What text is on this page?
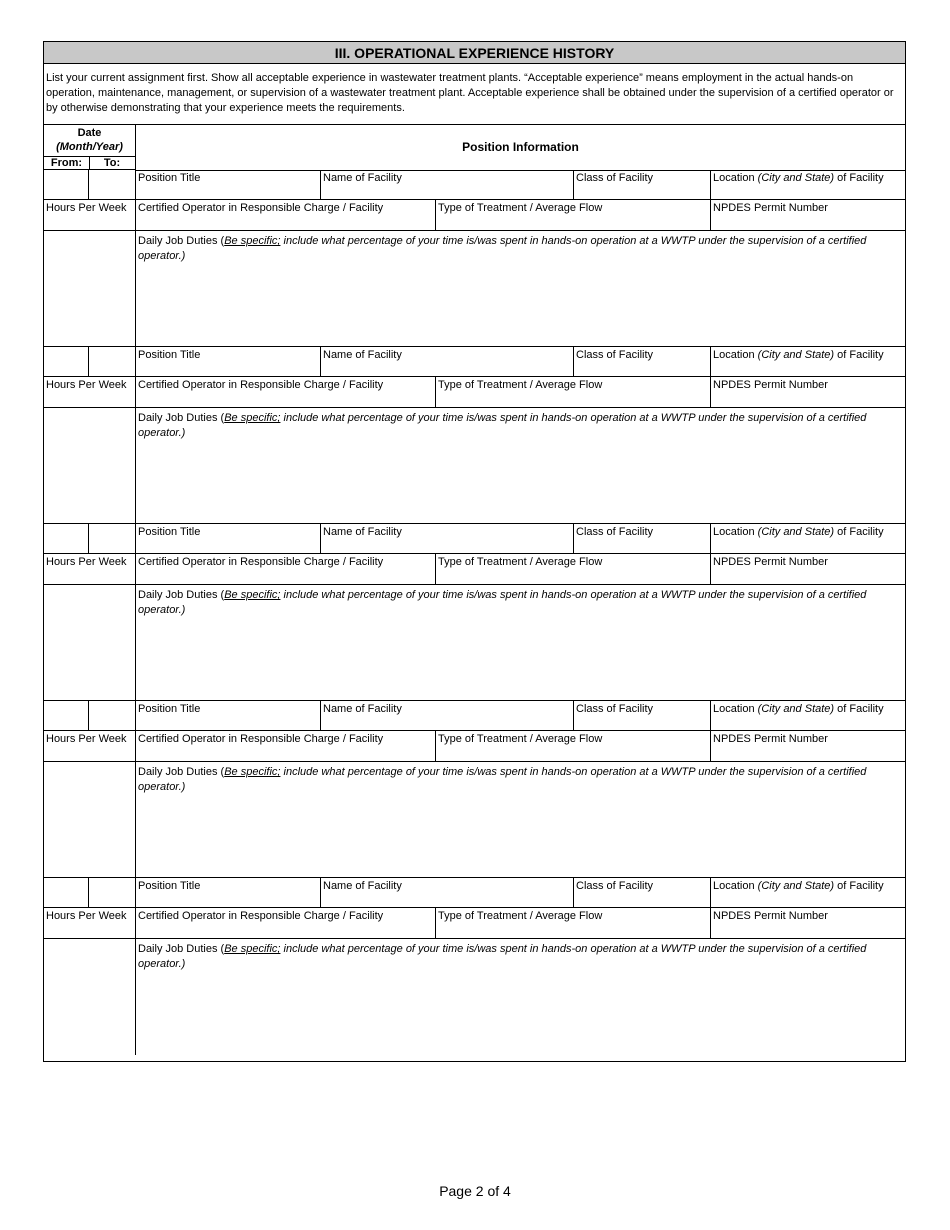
III. OPERATIONAL EXPERIENCE HISTORY
List your current assignment first. Show all acceptable experience in wastewater treatment plants. “Acceptable experience” means employment in the actual hands-on operation, maintenance, management, or supervision of a wastewater treatment plant. Acceptable experience shall be obtained under the supervision of a certified operator or by otherwise demonstrating that your experience meets the requirements.
Date
(Month/Year)
From:	To:
Position Information
Position Title	Name of Facility	Class of Facility	Location (City and State) of Facility
Hours Per Week	Certified Operator in Responsible Charge / Facility	Type of Treatment / Average Flow	NPDES Permit Number
Daily Job Duties (Be specific; include what percentage of your time is/was spent in hands-on operation at a WWTP under the supervision of a certified operator.)
Position Title	Name of Facility	Class of Facility	Location (City and State) of Facility
Hours Per Week	Certified Operator in Responsible Charge / Facility	Type of Treatment / Average Flow	NPDES Permit Number
Daily Job Duties (Be specific; include what percentage of your time is/was spent in hands-on operation at a WWTP under the supervision of a certified operator.)
Position Title	Name of Facility	Class of Facility	Location (City and State) of Facility
Hours Per Week	Certified Operator in Responsible Charge / Facility	Type of Treatment / Average Flow	NPDES Permit Number
Daily Job Duties (Be specific; include what percentage of your time is/was spent in hands-on operation at a WWTP under the supervision of a certified operator.)
Position Title	Name of Facility	Class of Facility	Location (City and State) of Facility
Hours Per Week	Certified Operator in Responsible Charge / Facility	Type of Treatment / Average Flow	NPDES Permit Number
Daily Job Duties (Be specific; include what percentage of your time is/was spent in hands-on operation at a WWTP under the supervision of a certified operator.)
Position Title	Name of Facility	Class of Facility	Location (City and State) of Facility
Hours Per Week	Certified Operator in Responsible Charge / Facility	Type of Treatment / Average Flow	NPDES Permit Number
Daily Job Duties (Be specific; include what percentage of your time is/was spent in hands-on operation at a WWTP under the supervision of a certified operator.)
Page 2 of 4
